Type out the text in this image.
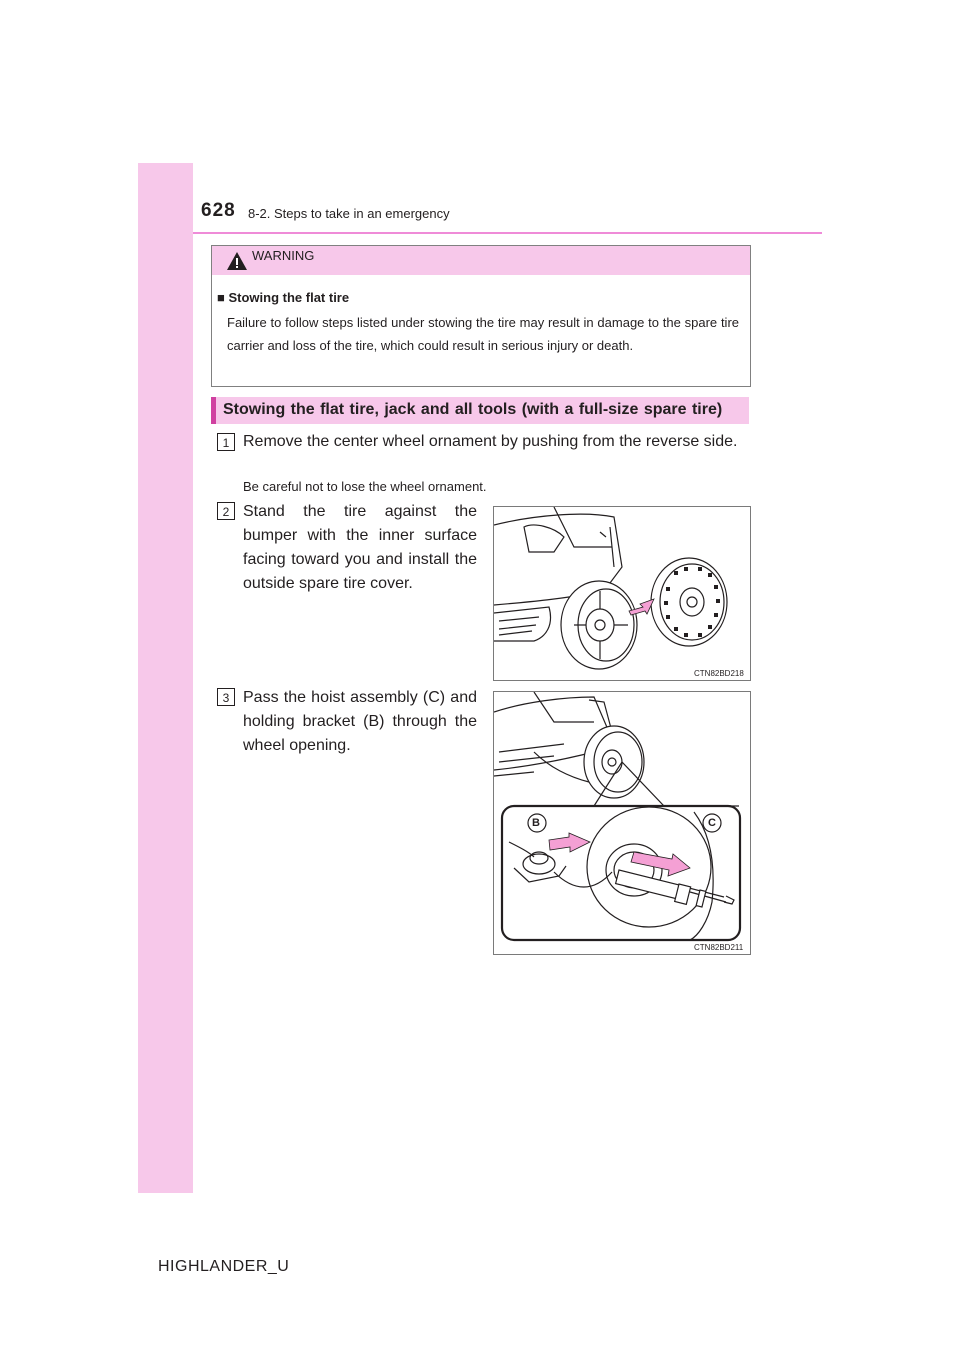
628 8-2. Steps to take in an emergency
WARNING
■ Stowing the flat tire
Failure to follow steps listed under stowing the tire may result in damage to the spare tire carrier and loss of the tire, which could result in serious injury or death.
Stowing the flat tire, jack and all tools (with a full-size spare tire)
1 Remove the center wheel ornament by pushing from the reverse side.
Be careful not to lose the wheel ornament.
2 Stand the tire against the bumper with the inner surface facing toward you and install the outside spare tire cover.
CTN82BD218
3 Pass the hoist assembly (C) and holding bracket (B) through the wheel opening.
B	C
CTN82BD211
HIGHLANDER_U
